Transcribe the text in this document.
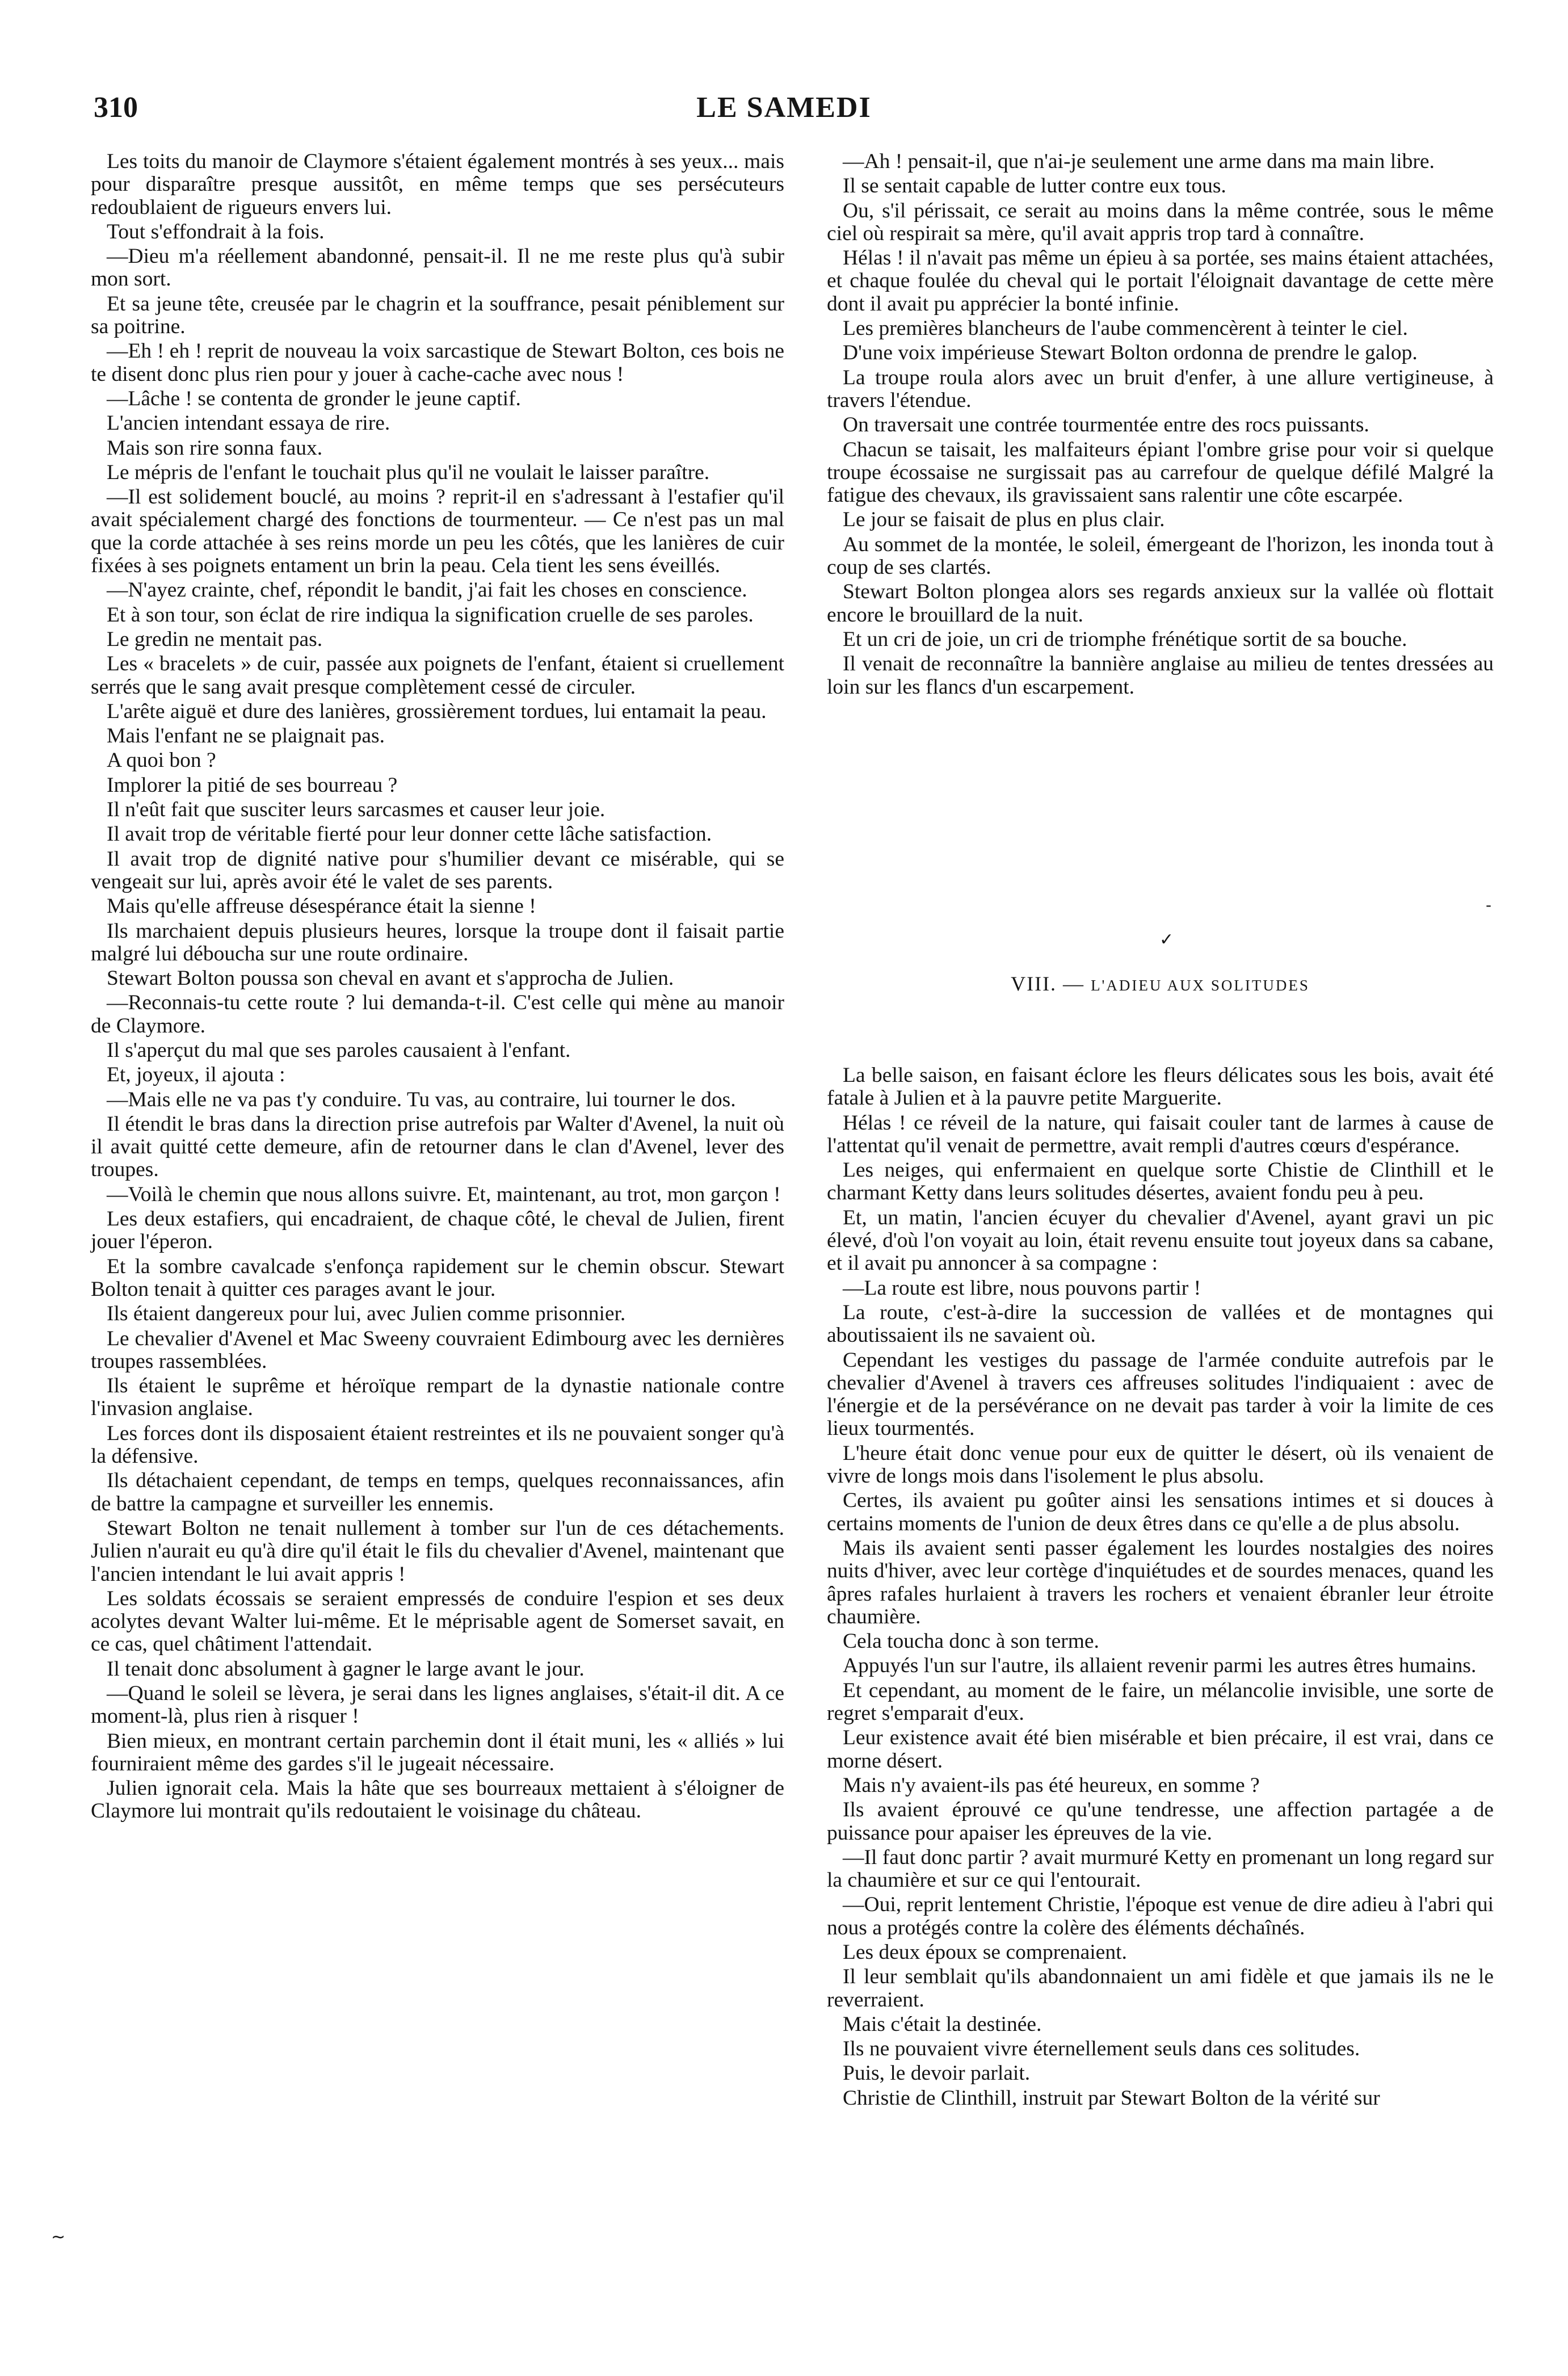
310	LE SAMEDI

Les toits du manoir de Claymore s'étaient également montrés à ses yeux... mais pour disparaître presque aussitôt, en même temps que ses persécuteurs redoublaient de rigueurs envers lui.

Tout s'effondrait à la fois.

—Dieu m'a réellement abandonné, pensait-il. Il ne me reste plus qu'à subir mon sort.

Et sa jeune tête, creusée par le chagrin et la souffrance, pesait péniblement sur sa poitrine.

—Eh ! eh ! reprit de nouveau la voix sarcastique de Stewart Bolton, ces bois ne te disent donc plus rien pour y jouer à cache-cache avec nous !

—Lâche ! se contenta de gronder le jeune captif.

L'ancien intendant essaya de rire.

Mais son rire sonna faux.

Le mépris de l'enfant le touchait plus qu'il ne voulait le laisser paraître.

—Il est solidement bouclé, au moins ? reprit-il en s'adressant à l'estafier qu'il avait spécialement chargé des fonctions de tourmenteur. — Ce n'est pas un mal que la corde attachée à ses reins morde un peu les côtés, que les lanières de cuir fixées à ses poignets entament un brin la peau. Cela tient les sens éveillés.

—N'ayez crainte, chef, répondit le bandit, j'ai fait les choses en conscience.

Et à son tour, son éclat de rire indiqua la signification cruelle de ses paroles.

Le gredin ne mentait pas.

Les « bracelets » de cuir, passée aux poignets de l'enfant, étaient si cruellement serrés que le sang avait presque complètement cessé de circuler.

L'arête aiguë et dure des lanières, grossièrement tordues, lui entamait la peau.

Mais l'enfant ne se plaignait pas.

A quoi bon ?

Implorer la pitié de ses bourreau ?

Il n'eût fait que susciter leurs sarcasmes et causer leur joie.

Il avait trop de véritable fierté pour leur donner cette lâche satisfaction.

Il avait trop de dignité native pour s'humilier devant ce misérable, qui se vengeait sur lui, après avoir été le valet de ses parents.

Mais qu'elle affreuse désespérance était la sienne !

Ils marchaient depuis plusieurs heures, lorsque la troupe dont il faisait partie malgré lui déboucha sur une route ordinaire.

Stewart Bolton poussa son cheval en avant et s'approcha de Julien.

—Reconnais-tu cette route ? lui demanda-t-il. C'est celle qui mène au manoir de Claymore.

Il s'aperçut du mal que ses paroles causaient à l'enfant.

Et, joyeux, il ajouta :

—Mais elle ne va pas t'y conduire. Tu vas, au contraire, lui tourner le dos.

Il étendit le bras dans la direction prise autrefois par Walter d'Avenel, la nuit où il avait quitté cette demeure, afin de retourner dans le clan d'Avenel, lever des troupes.

—Voilà le chemin que nous allons suivre. Et, maintenant, au trot, mon garçon !

Les deux estafiers, qui encadraient, de chaque côté, le cheval de Julien, firent jouer l'éperon.

Et la sombre cavalcade s'enfonça rapidement sur le chemin obscur. Stewart Bolton tenait à quitter ces parages avant le jour.

Ils étaient dangereux pour lui, avec Julien comme prisonnier.

Le chevalier d'Avenel et Mac Sweeny couvraient Edimbourg avec les dernières troupes rassemblées.

Ils étaient le suprême et héroïque rempart de la dynastie nationale contre l'invasion anglaise.

Les forces dont ils disposaient étaient restreintes et ils ne pouvaient songer qu'à la défensive.

Ils détachaient cependant, de temps en temps, quelques reconnaissances, afin de battre la campagne et surveiller les ennemis.

Stewart Bolton ne tenait nullement à tomber sur l'un de ces détachements. Julien n'aurait eu qu'à dire qu'il était le fils du chevalier d'Avenel, maintenant que l'ancien intendant le lui avait appris !

Les soldats écossais se seraient empressés de conduire l'espion et ses deux acolytes devant Walter lui-même. Et le méprisable agent de Somerset savait, en ce cas, quel châtiment l'attendait.

Il tenait donc absolument à gagner le large avant le jour.

—Quand le soleil se lèvera, je serai dans les lignes anglaises, s'était-il dit. A ce moment-là, plus rien à risquer !

Bien mieux, en montrant certain parchemin dont il était muni, les « alliés » lui fourniraient même des gardes s'il le jugeait nécessaire.

Julien ignorait cela. Mais la hâte que ses bourreaux mettaient à s'éloigner de Claymore lui montrait qu'ils redoutaient le voisinage du château.

—Ah ! pensait-il, que n'ai-je seulement une arme dans ma main libre.

Il se sentait capable de lutter contre eux tous.

Ou, s'il périssait, ce serait au moins dans la même contrée, sous le même ciel où respirait sa mère, qu'il avait appris trop tard à connaître.

Hélas ! il n'avait pas même un épieu à sa portée, ses mains étaient attachées, et chaque foulée du cheval qui le portait l'éloignait davantage de cette mère dont il avait pu apprécier la bonté infinie.

Les premières blancheurs de l'aube commencèrent à teinter le ciel.

D'une voix impérieuse Stewart Bolton ordonna de prendre le galop.

La troupe roula alors avec un bruit d'enfer, à une allure vertigineuse, à travers l'étendue.

On traversait une contrée tourmentée entre des rocs puissants.

Chacun se taisait, les malfaiteurs épiant l'ombre grise pour voir si quelque troupe écossaise ne surgissait pas au carrefour de quelque défilé Malgré la fatigue des chevaux, ils gravissaient sans ralentir une côte escarpée.

Le jour se faisait de plus en plus clair.

Au sommet de la montée, le soleil, émergeant de l'horizon, les inonda tout à coup de ses clartés.

Stewart Bolton plongea alors ses regards anxieux sur la vallée où flottait encore le brouillard de la nuit.

Et un cri de joie, un cri de triomphe frénétique sortit de sa bouche.

Il venait de reconnaître la bannière anglaise au milieu de tentes dressées au loin sur les flancs d'un escarpement.

✓
-
VIII. — L'ADIEU AUX SOLITUDES

La belle saison, en faisant éclore les fleurs délicates sous les bois, avait été fatale à Julien et à la pauvre petite Marguerite.

Hélas ! ce réveil de la nature, qui faisait couler tant de larmes à cause de l'attentat qu'il venait de permettre, avait rempli d'autres cœurs d'espérance.

Les neiges, qui enfermaient en quelque sorte Chistie de Clinthill et le charmant Ketty dans leurs solitudes désertes, avaient fondu peu à peu.

Et, un matin, l'ancien écuyer du chevalier d'Avenel, ayant gravi un pic élevé, d'où l'on voyait au loin, était revenu ensuite tout joyeux dans sa cabane, et il avait pu annoncer à sa compagne :

—La route est libre, nous pouvons partir !

La route, c'est-à-dire la succession de vallées et de montagnes qui aboutissaient ils ne savaient où.

Cependant les vestiges du passage de l'armée conduite autrefois par le chevalier d'Avenel à travers ces affreuses solitudes l'indiquaient : avec de l'énergie et de la persévérance on ne devait pas tarder à voir la limite de ces lieux tourmentés.

L'heure était donc venue pour eux de quitter le désert, où ils venaient de vivre de longs mois dans l'isolement le plus absolu.

Certes, ils avaient pu goûter ainsi les sensations intimes et si douces à certains moments de l'union de deux êtres dans ce qu'elle a de plus absolu.

Mais ils avaient senti passer également les lourdes nostalgies des noires nuits d'hiver, avec leur cortège d'inquiétudes et de sourdes menaces, quand les âpres rafales hurlaient à travers les rochers et venaient ébranler leur étroite chaumière.

Cela toucha donc à son terme.

Appuyés l'un sur l'autre, ils allaient revenir parmi les autres êtres humains.

Et cependant, au moment de le faire, un mélancolie invisible, une sorte de regret s'emparait d'eux.

Leur existence avait été bien misérable et bien précaire, il est vrai, dans ce morne désert.

Mais n'y avaient-ils pas été heureux, en somme ?

Ils avaient éprouvé ce qu'une tendresse, une affection partagée a de puissance pour apaiser les épreuves de la vie.

—Il faut donc partir ? avait murmuré Ketty en promenant un long regard sur la chaumière et sur ce qui l'entourait.

—Oui, reprit lentement Christie, l'époque est venue de dire adieu à l'abri qui nous a protégés contre la colère des éléments déchaînés.

Les deux époux se comprenaient.

Il leur semblait qu'ils abandonnaient un ami fidèle et que jamais ils ne le reverraient.

Mais c'était la destinée.

Ils ne pouvaient vivre éternellement seuls dans ces solitudes.

Puis, le devoir parlait.

Christie de Clinthill, instruit par Stewart Bolton de la vérité sur

~
